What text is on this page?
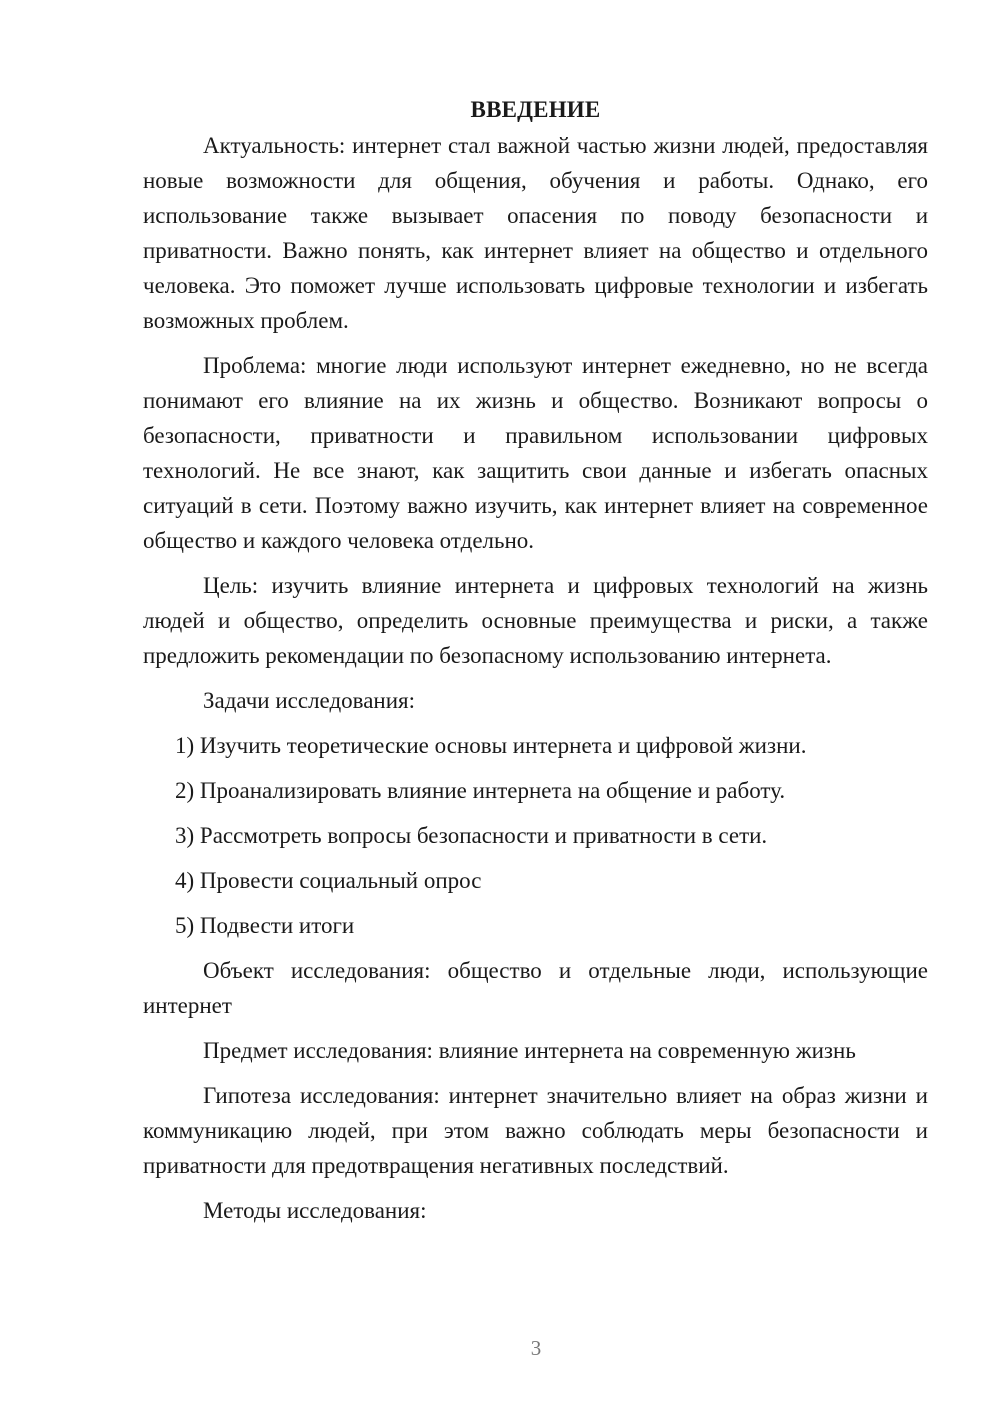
ВВЕДЕНИЕ

Актуальность: интернет стал важной частью жизни людей, предоставляя новые возможности для общения, обучения и работы. Однако, его использование также вызывает опасения по поводу безопасности и приватности. Важно понять, как интернет влияет на общество и отдельного человека. Это поможет лучше использовать цифровые технологии и избегать возможных проблем.

Проблема: многие люди используют интернет ежедневно, но не всегда понимают его влияние на их жизнь и общество. Возникают вопросы о безопасности, приватности и правильном использовании цифровых технологий. Не все знают, как защитить свои данные и избегать опасных ситуаций в сети. Поэтому важно изучить, как интернет влияет на современное общество и каждого человека отдельно.

Цель: изучить влияние интернета и цифровых технологий на жизнь людей и общество, определить основные преимущества и риски, а также предложить рекомендации по безопасному использованию интернета.

Задачи исследования:

1) Изучить теоретические основы интернета и цифровой жизни.
2) Проанализировать влияние интернета на общение и работу.
3) Рассмотреть вопросы безопасности и приватности в сети.
4) Провести социальный опрос
5) Подвести итоги

Объект исследования: общество и отдельные люди, использующие интернет

Предмет исследования: влияние интернета на современную жизнь

Гипотеза исследования: интернет значительно влияет на образ жизни и коммуникацию людей, при этом важно соблюдать меры безопасности и приватности для предотвращения негативных последствий.

Методы исследования:

3
